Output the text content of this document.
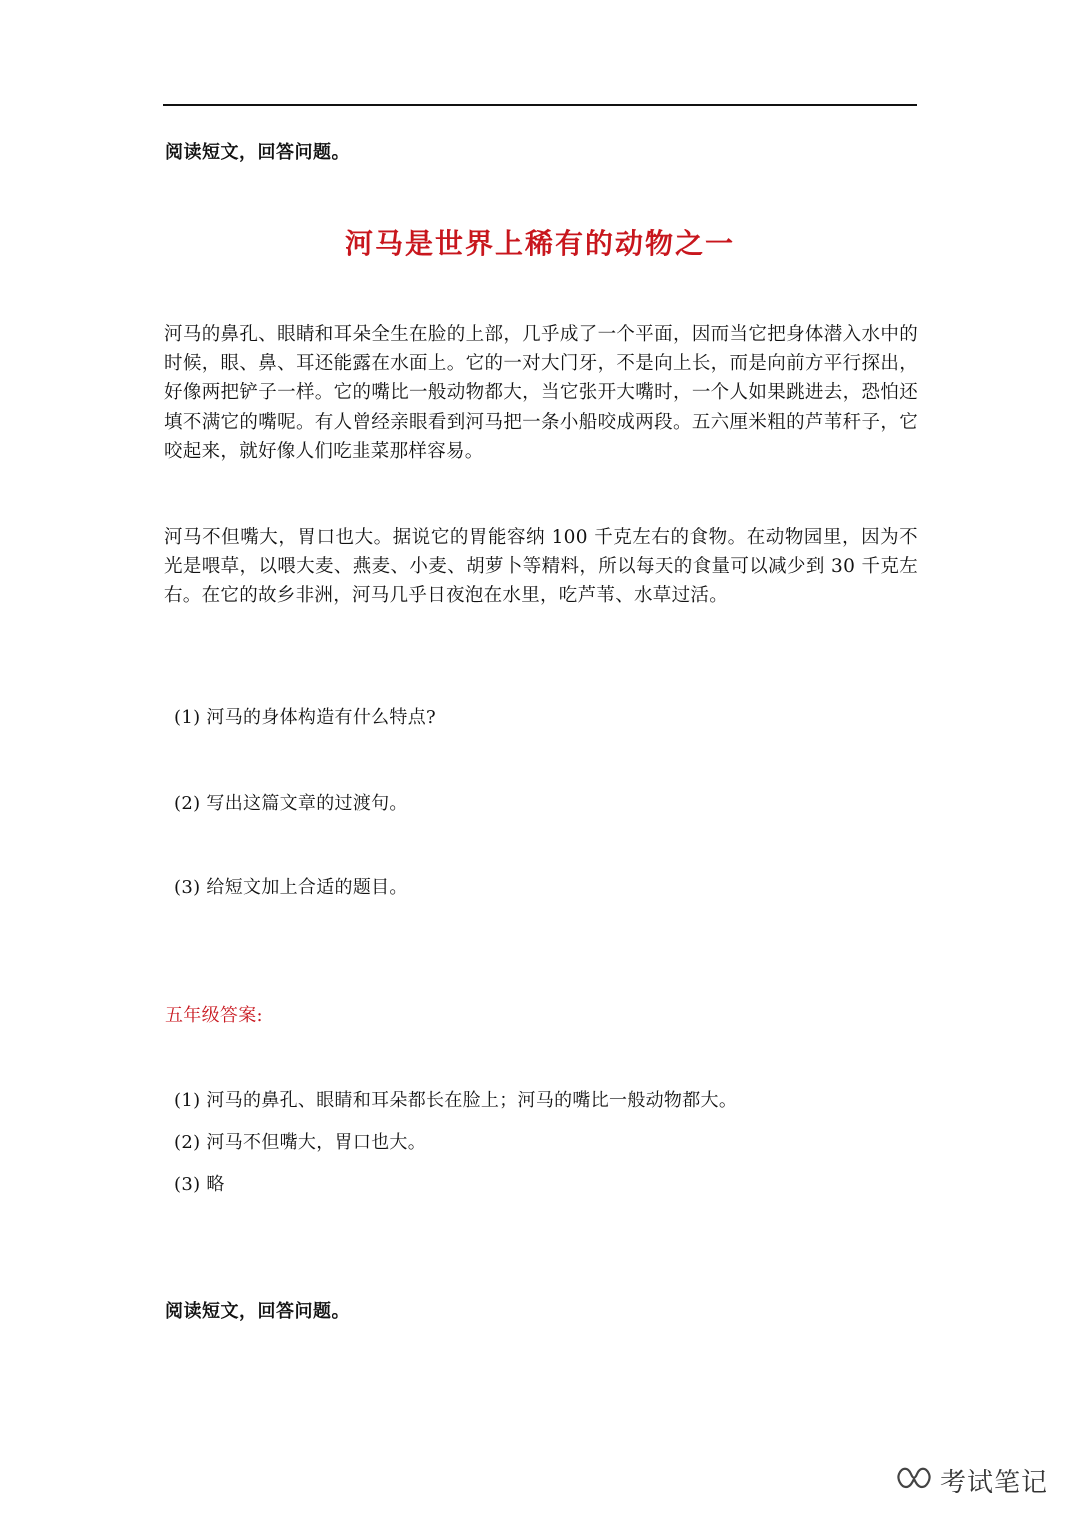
阅读短文，回答问题。
河马是世界上稀有的动物之一

河马的鼻孔、眼睛和耳朵全生在脸的上部，几乎成了一个平面，因而当它把身体潜入水中的时候，眼、鼻、耳还能露在水面上。它的一对大门牙，不是向上长，而是向前方平行探出，好像两把铲子一样。它的嘴比一般动物都大，当它张开大嘴时，一个人如果跳进去，恐怕还填不满它的嘴呢。有人曾经亲眼看到河马把一条小船咬成两段。五六厘米粗的芦苇秆子，它咬起来，就好像人们吃韭菜那样容易。

河马不但嘴大，胃口也大。据说它的胃能容纳 100 千克左右的食物。在动物园里，因为不光是喂草，以喂大麦、燕麦、小麦、胡萝卜等精料，所以每天的食量可以减少到 30 千克左右。在它的故乡非洲，河马几乎日夜泡在水里，吃芦苇、水草过活。

(1) 河马的身体构造有什么特点?
(2) 写出这篇文章的过渡句。
(3) 给短文加上合适的题目。
五年级答案:
(1) 河马的鼻孔、眼睛和耳朵都长在脸上；河马的嘴比一般动物都大。
(2) 河马不但嘴大，胃口也大。
(3) 略
阅读短文，回答问题。
考试笔记
